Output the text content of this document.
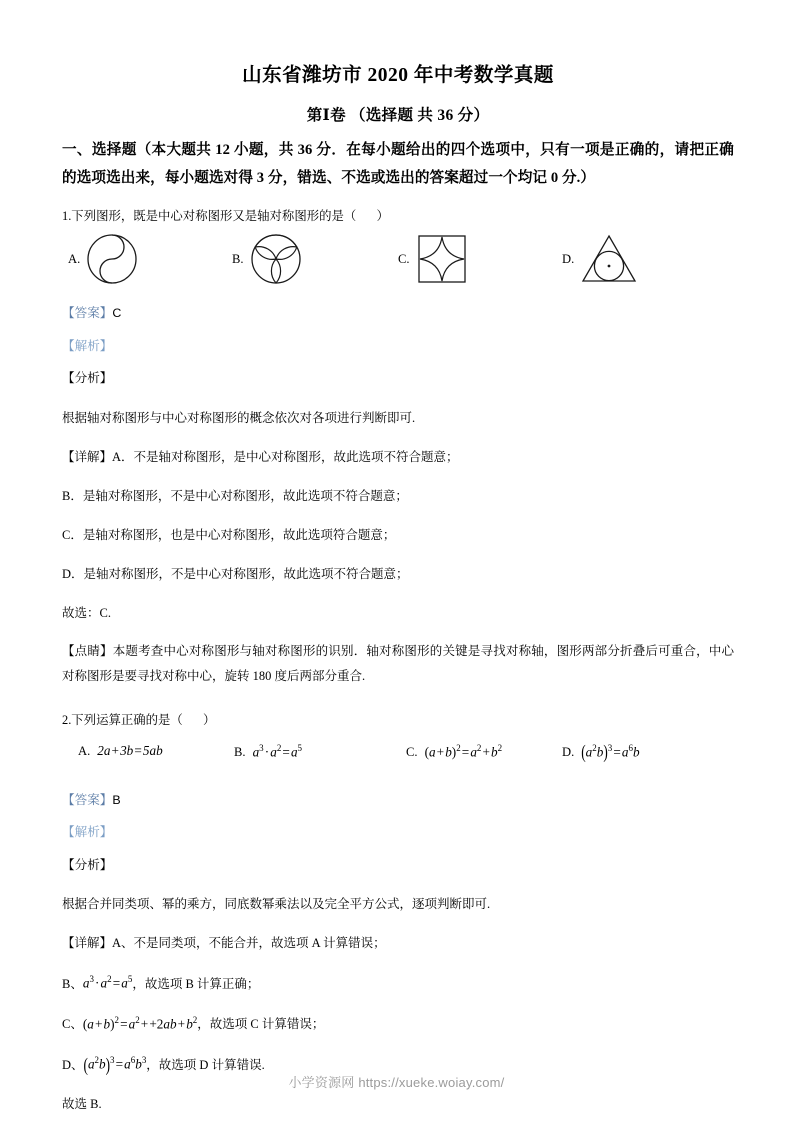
山东省潍坊市 2020 年中考数学真题
第Ⅰ卷 （选择题 共 36 分）
一、选择题（本大题共 12 小题，共 36 分．在每小题给出的四个选项中，只有一项是正确的，请把正确的选项选出来，每小题选对得 3 分，错选、不选或选出的答案超过一个均记 0 分.）
1.下列图形，既是中心对称图形又是轴对称图形的是（ ）
A.	B.	C.	D.
【答案】C
【解析】
【分析】
根据轴对称图形与中心对称图形的概念依次对各项进行判断即可.
【详解】A．不是轴对称图形，是中心对称图形，故此选项不符合题意；
B．是轴对称图形，不是中心对称图形，故此选项不符合题意；
C．是轴对称图形，也是中心对称图形，故此选项符合题意；
D．是轴对称图形，不是中心对称图形，故此选项不符合题意；
故选：C.
【点睛】本题考查中心对称图形与轴对称图形的识别．轴对称图形的关键是寻找对称轴，图形两部分折叠后可重合，中心对称图形是要寻找对称中心，旋转 180 度后两部分重合.
2.下列运算正确的是（ ）
A. 2a + 3b = 5ab	B. $a^3$ · $a^2$ = $a^5$	C. (a + b)$^2$ = $a^2$ + $b^2$	D. $(a^2b)^3$ = $a^6b$
【答案】B
【解析】
【分析】
根据合并同类项、幂的乘方，同底数幂乘法以及完全平方公式，逐项判断即可.
【详解】A、不是同类项，不能合并，故选项 A 计算错误；
B、 $a^3$ · $a^2$ = $a^5$ ，故选项 B 计算正确；
C、 (a + b)$^2$ = $a^2$ + +2ab + $b^2$ ，故选项 C 计算错误；
D、 $(a^2b)^3$ = $a^6b^3$ ，故选项 D 计算错误.
故选 B.
小学资源网 https://xueke.woiay.com/
